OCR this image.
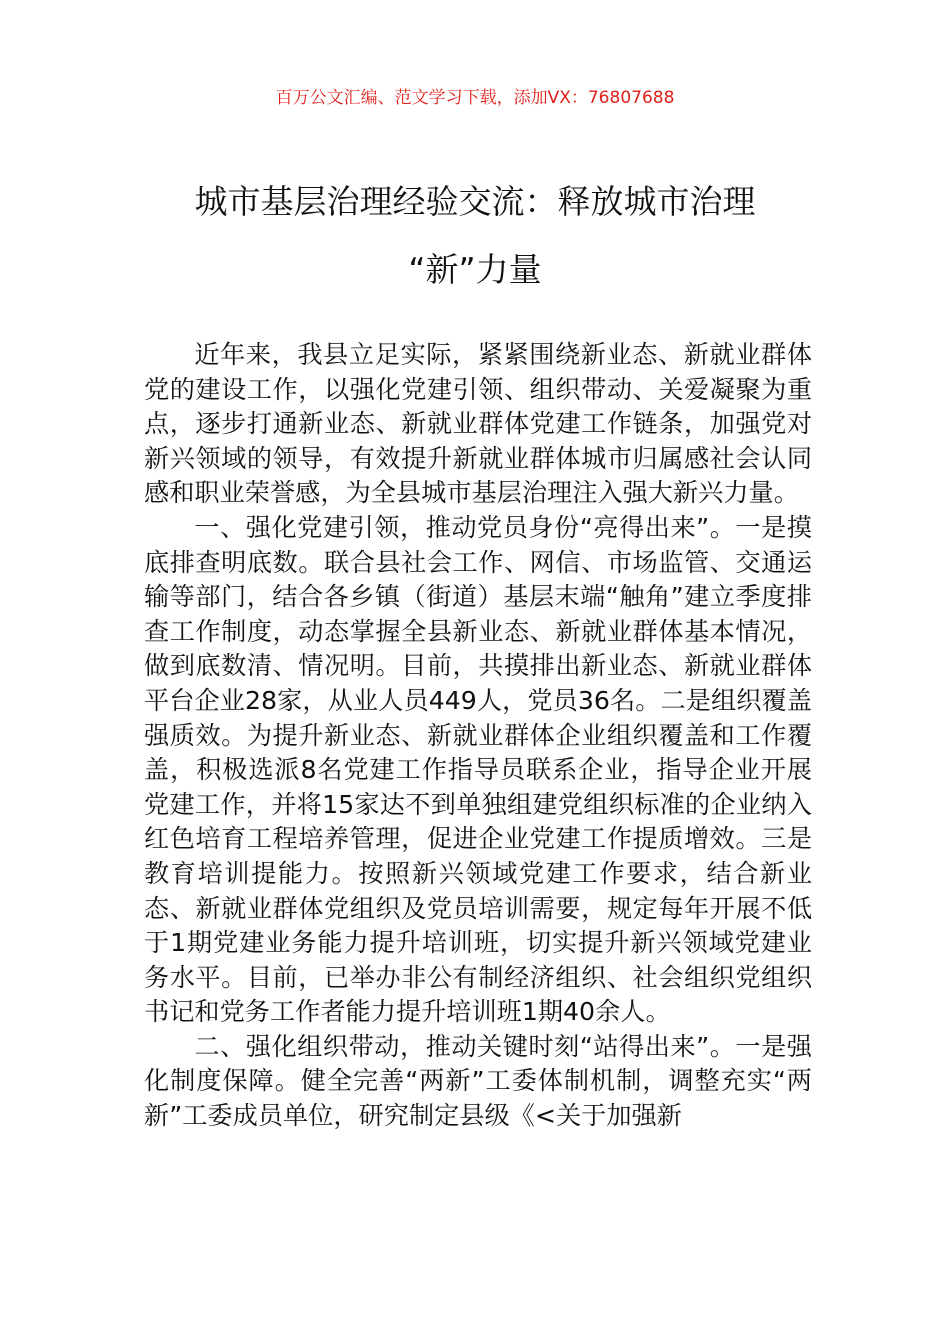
百万公文汇编、范文学习下载，添加VX：76807688
城市基层治理经验交流：释放城市治理
“新”力量

近年来，我县立足实际，紧紧围绕新业态、新就业群体党的建设工作，以强化党建引领、组织带动、关爱凝聚为重点，逐步打通新业态、新就业群体党建工作链条，加强党对新兴领域的领导，有效提升新就业群体城市归属感社会认同感和职业荣誉感，为全县城市基层治理注入强大新兴力量。

一、强化党建引领，推动党员身份“亮得出来”。一是摸底排查明底数。联合县社会工作、网信、市场监管、交通运输等部门，结合各乡镇（街道）基层末端“触角”建立季度排查工作制度，动态掌握全县新业态、新就业群体基本情况，做到底数清、情况明。目前，共摸排出新业态、新就业群体平台企业28家，从业人员449人，党员36名。二是组织覆盖强质效。为提升新业态、新就业群体企业组织覆盖和工作覆盖，积极选派8名党建工作指导员联系企业，指导企业开展党建工作，并将15家达不到单独组建党组织标准的企业纳入红色培育工程培养管理，促进企业党建工作提质增效。三是教育培训提能力。按照新兴领域党建工作要求，结合新业态、新就业群体党组织及党员培训需要，规定每年开展不低于1期党建业务能力提升培训班，切实提升新兴领域党建业务水平。目前，已举办非公有制经济组织、社会组织党组织书记和党务工作者能力提升培训班1期40余人。

二、强化组织带动，推动关键时刻“站得出来”。一是强化制度保障。健全完善“两新”工委体制机制，调整充实“两新”工委成员单位，研究制定县级《<关于加强新
